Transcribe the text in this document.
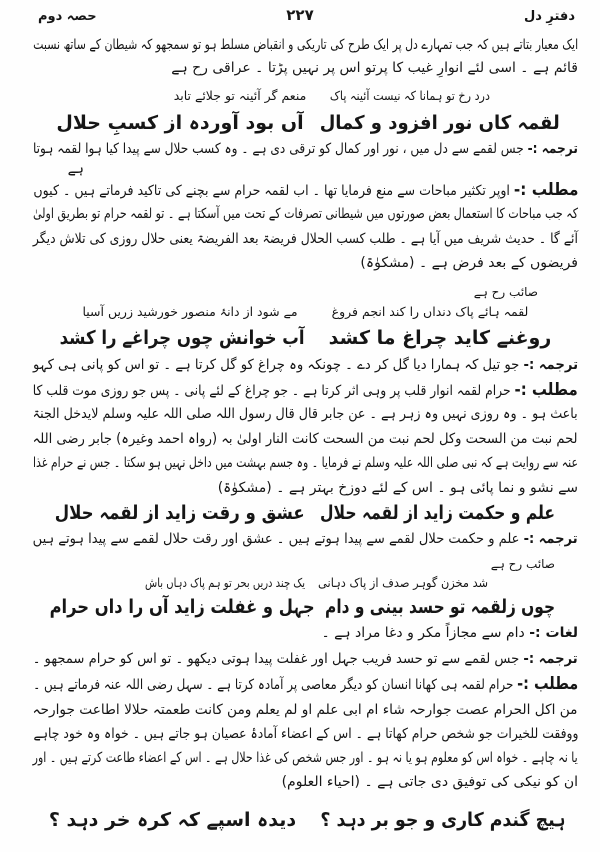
دفترِ دل
۲۲۷
حصہ دوم
ایک معیار بتاتے ہیں کہ جب تمہارے دل پر ایک طرح کی تاریکی و انقباض مسلط ہو تو سمجھو کہ شیطان کے ساتھ نسبت
قائم ہے ۔ اسی لئے انوارِ غیب کا پرتو اس پر نہیں پڑتا ۔ عراقی رح ہے
درد رخ تو ہمانا کہ نیست آئینہ پاک
منعم گر آئینہ تو جلائے تابد
لقمہ کاں نور افزود و کمال
آں بود آوردہ از کسبِ حلال
ترجمہ :- جس لقمے سے دل میں ، نور اور کمال کو ترقی دی ہے ۔ وہ کسب حلال سے پیدا کیا ہوا لقمہ ہوتا
ہے
مطلب :- اوپر تکثیر مباحات سے منع فرمایا تھا ۔ اب لقمہ حرام سے بچنے کی تاکید فرماتے ہیں ۔ کیوں
کہ جب مباحات کا استعمال بعض صورتوں میں شیطانی تصرفات کے تحت میں آسکتا ہے ۔ تو لقمہ حرام تو بطریق اولیٰ
آئے گا ۔ حدیث شریف میں آیا ہے ۔ طلب کسب الحلال فریضۃ بعد الفریضۃ یعنی حلال روزی کی تلاش دیگر
فریضوں کے بعد فرض ہے ۔ (مشکوٰۃ)
صائب رح ہے
لقمہ ہائے پاک دنداں را کند انجم فروغ
مے شود از دانۂ منصور خورشید زریں آسیا
روغنے کاید چراغ ما کشد
آب خوانش چوں چراغے را کشد
ترجمہ :- جو تیل کہ ہمارا دیا گل کر دے ۔ چونکہ وہ چراغ کو گل کرتا ہے ۔ تو اس کو پانی ہی کہو
مطلب :- حرام لقمہ انوار قلب پر وہی اثر کرتا ہے ۔ جو چراغ کے لئے پانی ۔ پس جو روزی موت قلب کا
باعث ہو ۔ وہ روزی نہیں وہ زہر ہے ۔ عن جابر قال قال رسول اللہ صلی اللہ علیہ وسلم لایدخل الجنۃ
لحم نبت من السحت وکل لحم نبت من السحت کانت النار اولیٰ بہ (رواہ احمد وغیرہ) جابر رضی اللہ
عنہ سے روایت ہے کہ نبی صلی اللہ علیہ وسلم نے فرمایا ۔ وہ جسم بہشت میں داخل نہیں ہو سکتا ۔ جس نے حرام غذا
سے نشو و نما پائی ہو ۔ اس کے لئے دوزخ بہتر ہے ۔ (مشکوٰۃ)
علم و حکمت زاید از لقمہ حلال
عشق و رقت زاید از لقمہ حلال
ترجمہ :- علم و حکمت حلال لقمے سے پیدا ہوتے ہیں ۔ عشق اور رقت حلال لقمے سے پیدا ہوتے ہیں
صائب رح ہے
شد مخزن گوہر صدف از پاک دہانی
یک چند دریں بحر تو ہم پاک دہاں باش
چوں زلقمہ تو حسد بینی و دام
جہل و غفلت زاید آں را داں حرام
لغات :- دام سے مجازاً مکر و دغا مراد ہے ۔
ترجمہ :- جس لقمے سے تو حسد فریب جہل اور غفلت پیدا ہوتی دیکھو ۔ تو اس کو حرام سمجھو ۔
مطلب :- حرام لقمہ ہی کھانا انسان کو دیگر معاصی پر آمادہ کرتا ہے ۔ سہل رضی اللہ عنہ فرماتے ہیں ۔
من اکل الحرام عصت جوارحہ شاء ام ابی علم او لم یعلم ومن کانت طعمتہ حلالا اطاعت جوارحہ
ووفقت للخیرات جو شخص حرام کھاتا ہے ۔ اس کے اعضاء آمادۂ عصیان ہو جاتے ہیں ۔ خواہ وہ خود چاہے
یا نہ چاہے ۔ خواہ اس کو معلوم ہو یا نہ ہو ۔ اور جس شخص کی غذا حلال ہے ۔ اس کے اعضاء طاعت کرتے ہیں ۔ اور
ان کو نیکی کی توفیق دی جاتی ہے ۔ (احیاء العلوم)
ہیچ گندم کاری و جو بر دہد ؟
دیدہ اسپے کہ کرہ خر دہد ؟
